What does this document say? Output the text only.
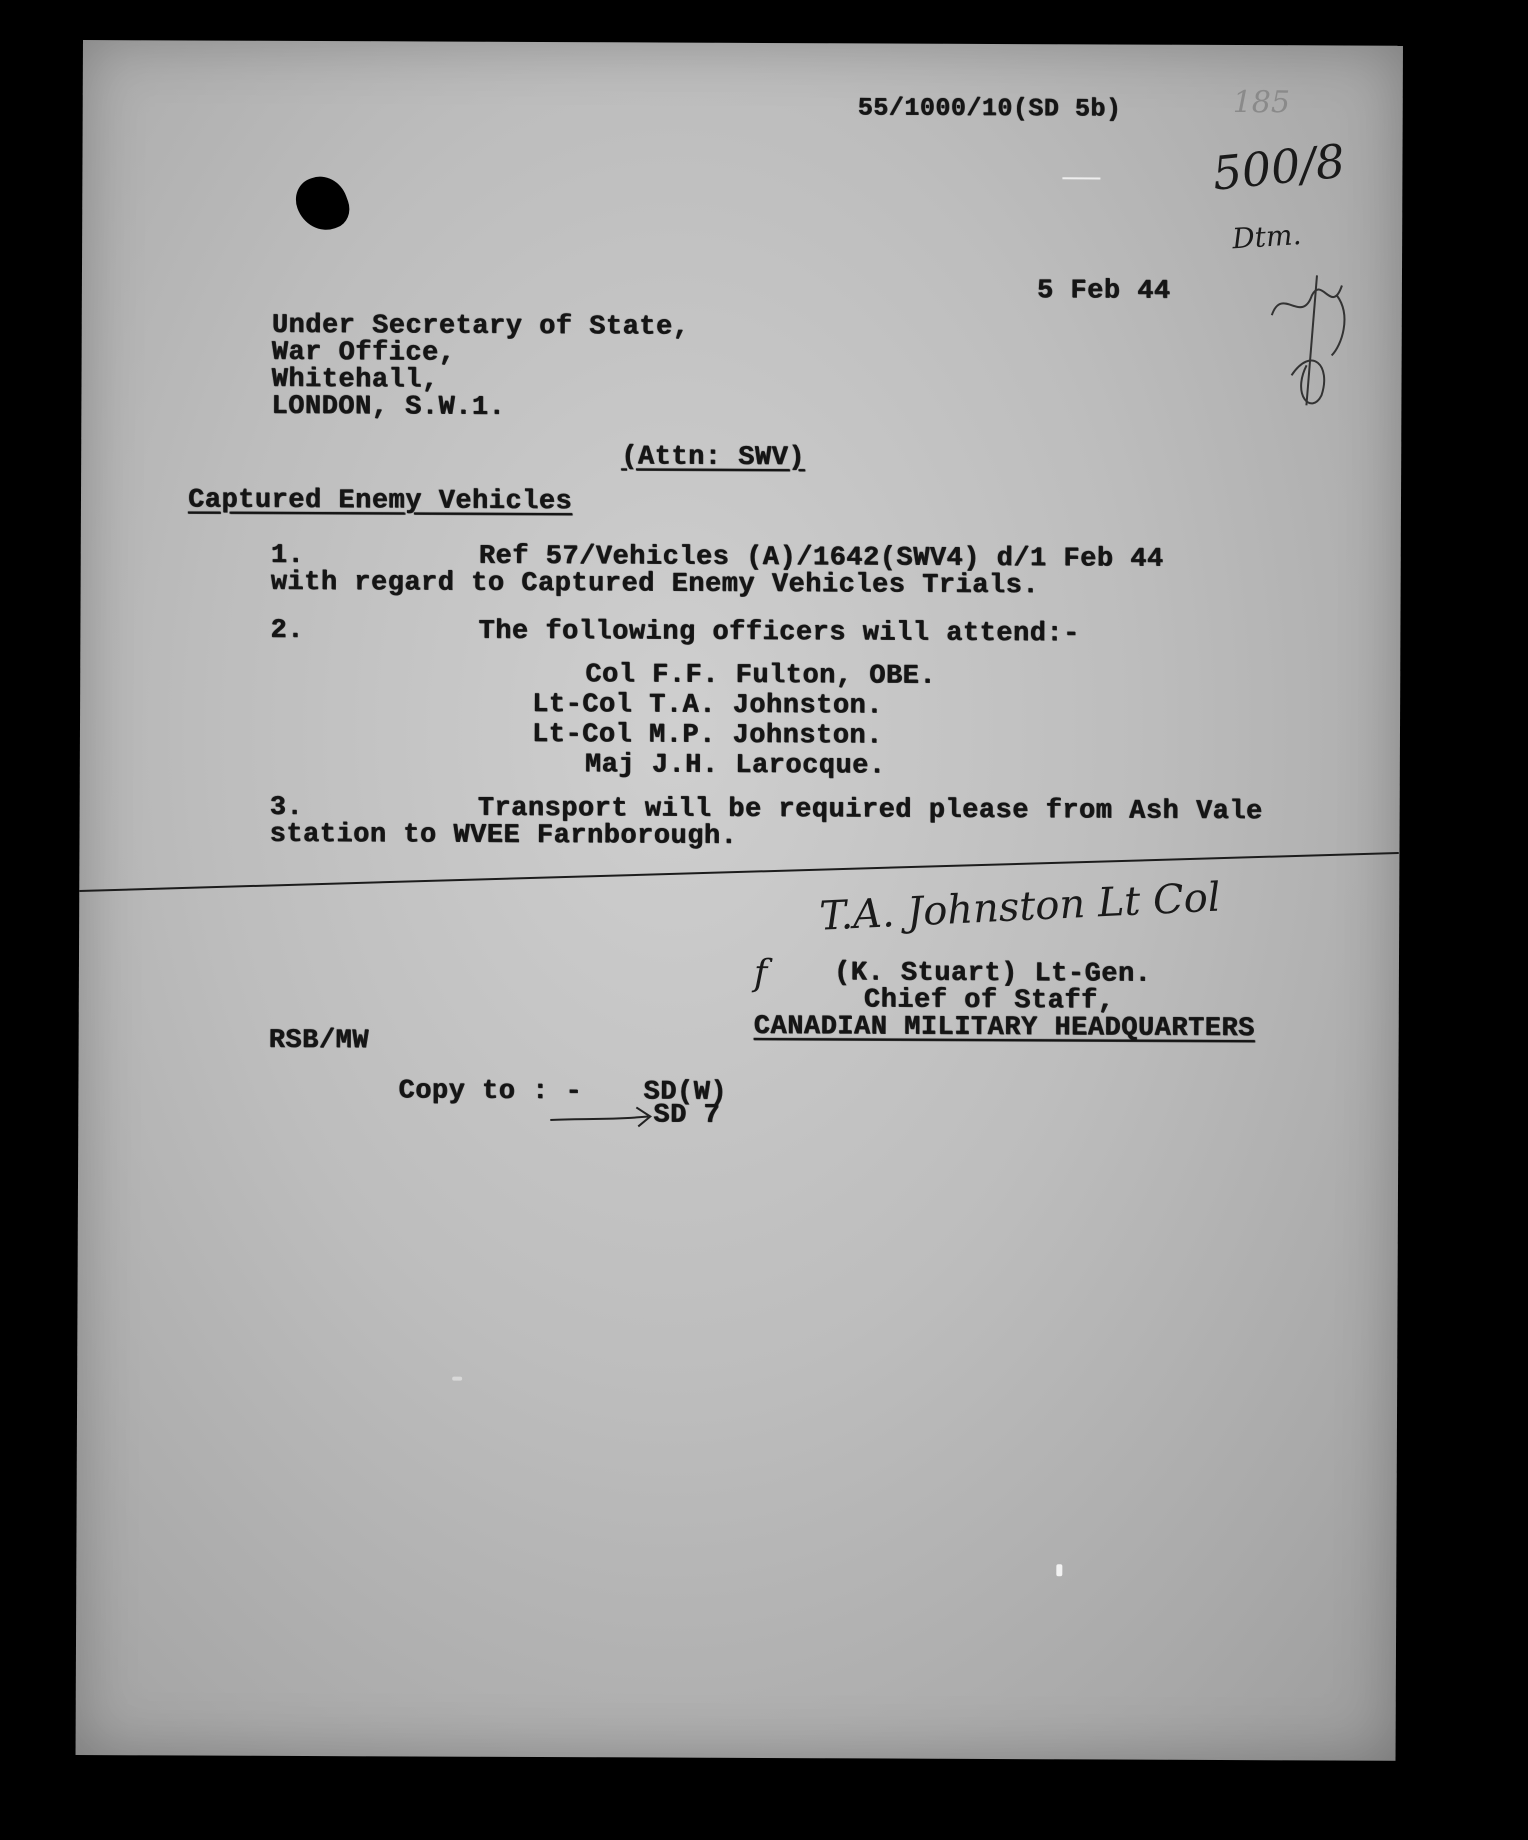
55/1000/10(SD 5b)	185
500/8
Dtm.
5 Feb 44
Under Secretary of State,
War Office,
Whitehall,
LONDON, S.W.1.
(Attn: SWV)
Captured Enemy Vehicles
1.	Ref 57/Vehicles (A)/1642(SWV4) d/1 Feb 44
with regard to Captured Enemy Vehicles Trials.
2.	The following officers will attend:-
Col F.F. Fulton, OBE.
Lt-Col T.A. Johnston.
Lt-Col M.P. Johnston.
Maj J.H. Larocque.
3.	Transport will be required please from Ash Vale
station to WVEE Farnborough.
T.A. Johnston Lt Col
f (K. Stuart) Lt-Gen.
Chief of Staff,
CANADIAN MILITARY HEADQUARTERS
RSB/MW
Copy to : - SD(W)
SD 7
